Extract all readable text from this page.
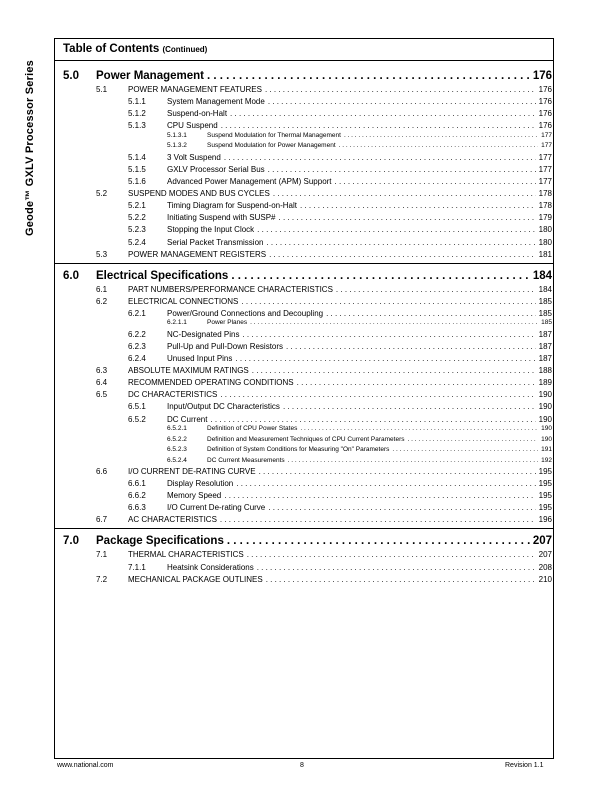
Geode™ GXLV Processor Series
Table of Contents (Continued)
5.0 Power Management . . .	176
5.1	POWER MANAGEMENT FEATURES . . .	176
5.1.1	System Management Mode . . .	176
5.1.2	Suspend-on-Halt . . .	176
5.1.3	CPU Suspend . . .	176
5.1.3.1	Suspend Modulation for Thermal Management . . .	177
5.1.3.2	Suspend Modulation for Power Management . . .	177
5.1.4	3 Volt Suspend . . .	177
5.1.5	GXLV Processor Serial Bus . . .	177
5.1.6	Advanced Power Management (APM) Support . . .	177
5.2	SUSPEND MODES AND BUS CYCLES . . .	178
5.2.1	Timing Diagram for Suspend-on-Halt . . .	178
5.2.2	Initiating Suspend with SUSP# . . .	179
5.2.3	Stopping the Input Clock . . .	180
5.2.4	Serial Packet Transmission . . .	180
5.3	POWER MANAGEMENT REGISTERS . . .	181
6.0 Electrical Specifications . . .	184
6.1	PART NUMBERS/PERFORMANCE CHARACTERISTICS . . .	184
6.2	ELECTRICAL CONNECTIONS . . .	185
6.2.1	Power/Ground Connections and Decoupling . . .	185
6.2.1.1	Power Planes . . .	185
6.2.2	NC-Designated Pins . . .	187
6.2.3	Pull-Up and Pull-Down Resistors . . .	187
6.2.4	Unused Input Pins . . .	187
6.3	ABSOLUTE MAXIMUM RATINGS . . .	188
6.4	RECOMMENDED OPERATING CONDITIONS . . .	189
6.5	DC CHARACTERISTICS . . .	190
6.5.1	Input/Output DC Characteristics . . .	190
6.5.2	DC Current . . .	190
6.5.2.1	Definition of CPU Power States . . .	190
6.5.2.2	Definition and Measurement Techniques of CPU Current Parameters . . .	190
6.5.2.3	Definition of System Conditions for Measuring "On" Parameters . . .	191
6.5.2.4	DC Current Measurements . . .	192
6.6	I/O CURRENT DE-RATING CURVE . . .	195
6.6.1	Display Resolution . . .	195
6.6.2	Memory Speed . . .	195
6.6.3	I/O Current De-rating Curve . . .	195
6.7	AC CHARACTERISTICS . . .	196
7.0 Package Specifications . . .	207
7.1	THERMAL CHARACTERISTICS . . .	207
7.1.1	Heatsink Considerations . . .	208
7.2	MECHANICAL PACKAGE OUTLINES . . .	210
www.national.com	8	Revision 1.1
